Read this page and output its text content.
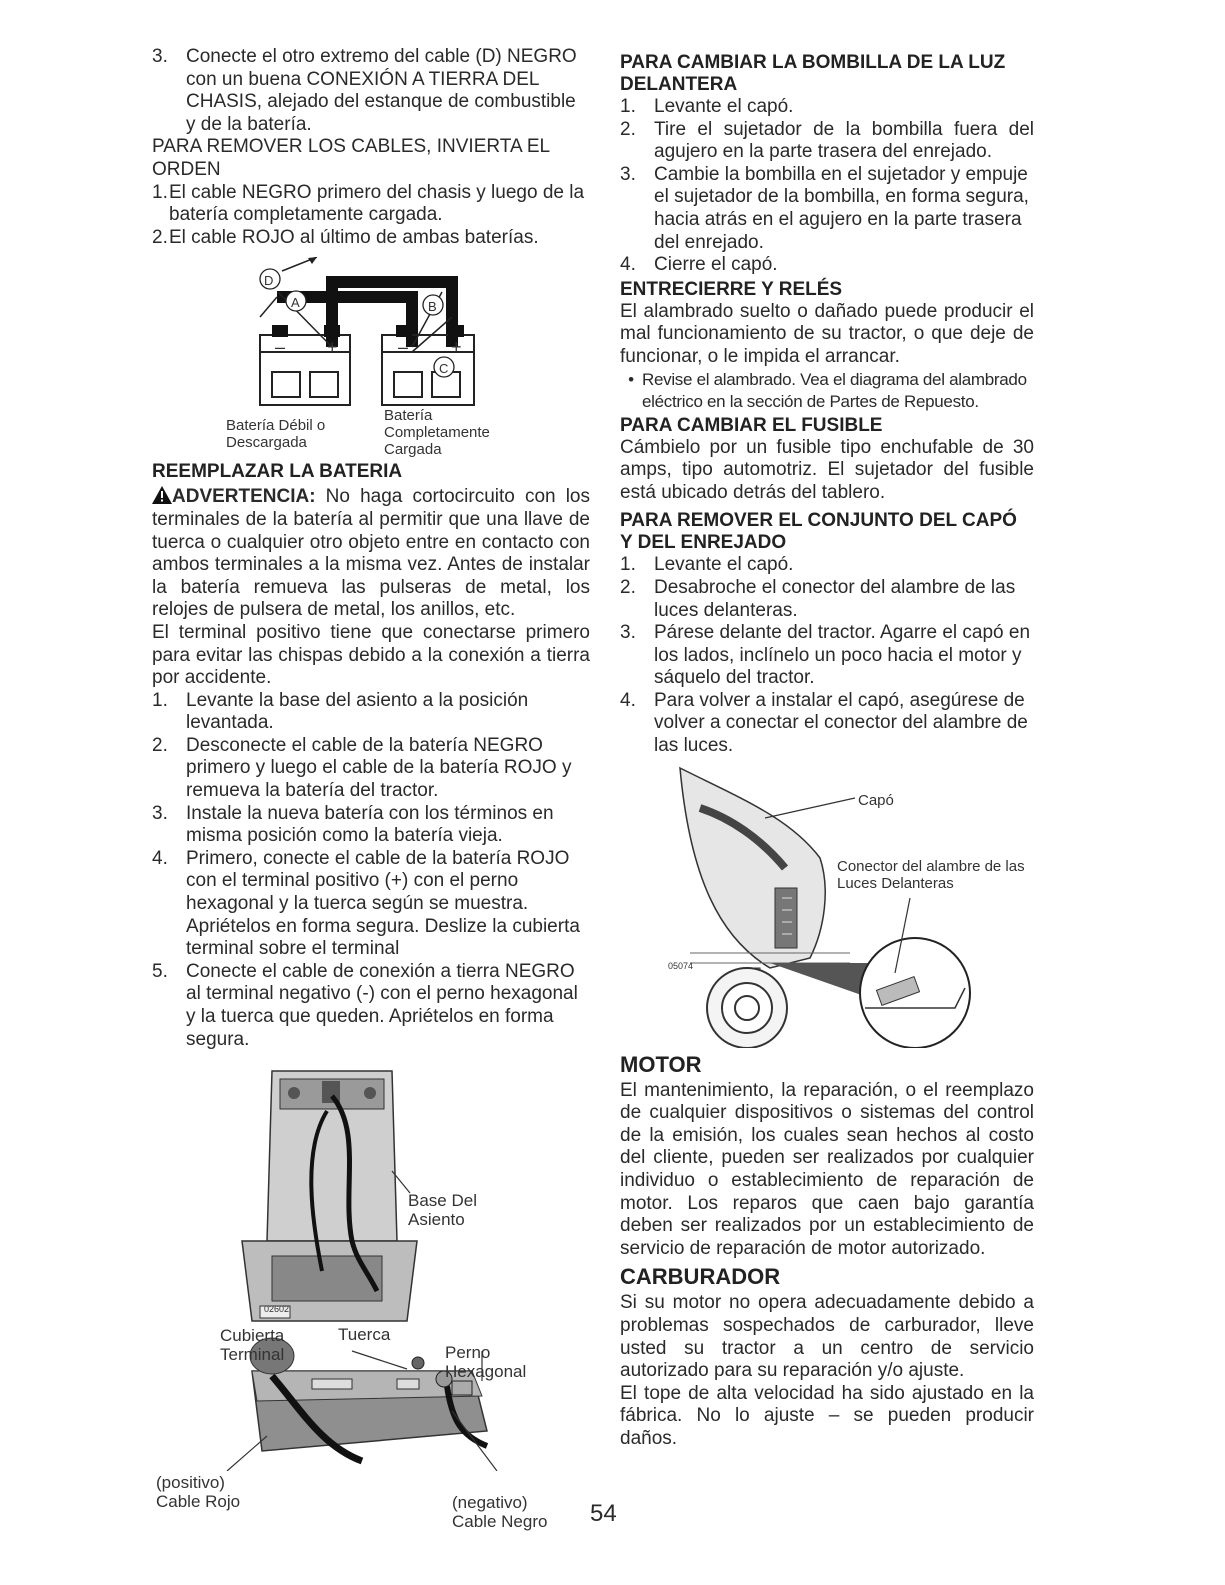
3. Conecte el otro extremo del cable (D) NEGRO con un buena CONEXIÓN A TIERRA DEL CHASIS, alejado del estanque de combustible y de la batería.

PARA REMOVER LOS CABLES, INVIERTA EL ORDEN

1. El cable NEGRO primero del chasis y luego de la batería completamente cargada.
2. El cable ROJO al último de ambas baterías.
D
A	B
C
– +	– +
Batería Débil o Descargada
Batería Completamente Cargada
REEMPLAZAR LA BATERIA

ADVERTENCIA: No haga cortocircuito con los terminales de la batería al permitir que una llave de tuerca o cualquier otro objeto entre en contacto con ambos terminales a la misma vez. Antes de instalar la batería remueva las pulseras de metal, los relojes de pulsera de metal, los anillos, etc.

El terminal positivo tiene que conectarse primero para evitar las chispas debido a la conexión a tierra por accidente.

1. Levante la base del asiento a la posición levantada.
2. Desconecte el cable de la batería NEGRO primero y luego el cable de la batería ROJO y remueva la batería del tractor.
3. Instale la nueva batería con los términos en misma posición como la batería vieja.
4. Primero, conecte el cable de la batería ROJO con el terminal positivo (+) con el perno hexagonal y la tuerca según se muestra. Apriételos en forma segura. Deslize la cubierta terminal sobre el terminal
5. Conecte el cable de conexión a tierra NEGRO al terminal negativo (-) con el perno hexagonal y la tuerca que queden. Apriételos en forma segura.
Base Del Asiento
02602
Cubierta Terminal
Tuerca
Perno Hexagonal
(positivo) Cable Rojo	(negativo) Cable Negro
PARA CAMBIAR LA BOMBILLA DE LA LUZ DELANTERA
1. Levante el capó.
2. Tire el sujetador de la bombilla fuera del agujero en la parte trasera del enrejado.
3. Cambie la bombilla en el sujetador y empuje el sujetador de la bombilla, en forma segura, hacia atrás en el agujero en la parte trasera del enrejado.
4. Cierre el capó.
ENTRECIERRE Y RELÉS

El alambrado suelto o dañado puede producir el mal funcionamiento de su tractor, o que deje de funcionar, o le impida el arrancar.

• Revise el alambrado. Vea el diagrama del alambrado eléctrico en la sección de Partes de Repuesto.
PARA CAMBIAR EL FUSIBLE

Cámbielo por un fusible tipo enchufable de 30 amps, tipo automotriz. El sujetador del fusible está ubicado detrás del tablero.

PARA REMOVER EL CONJUNTO DEL CAPÓ Y DEL ENREJADO
1. Levante el capó.
2. Desabroche el conector del alambre de las luces delanteras.
3. Párese delante del tractor. Agarre el capó en los lados, inclínelo un poco hacia el motor y sáquelo del tractor.
4. Para volver a instalar el capó, asegúrese de volver a conectar el conector del alambre de las luces.
Capó
Conector del alambre de las Luces Delanteras
05074
MOTOR

El mantenimiento, la reparación, o el reemplazo de cualquier dispositivos o sistemas del control de la emisión, los cuales sean hechos al costo del cliente, pueden ser realizados por cualquier individuo o establecimiento de reparación de motor. Los reparos que caen bajo garantía deben ser realizados por un establecimiento de servicio de reparación de motor autorizado.

CARBURADOR

Si su motor no opera adecuadamente debido a problemas sospechados de carburador, lleve usted su tractor a un centro de servicio autorizado para su reparación y/o ajuste.

El tope de alta velocidad ha sido ajustado en la fábrica. No lo ajuste – se pueden producir daños.

54
